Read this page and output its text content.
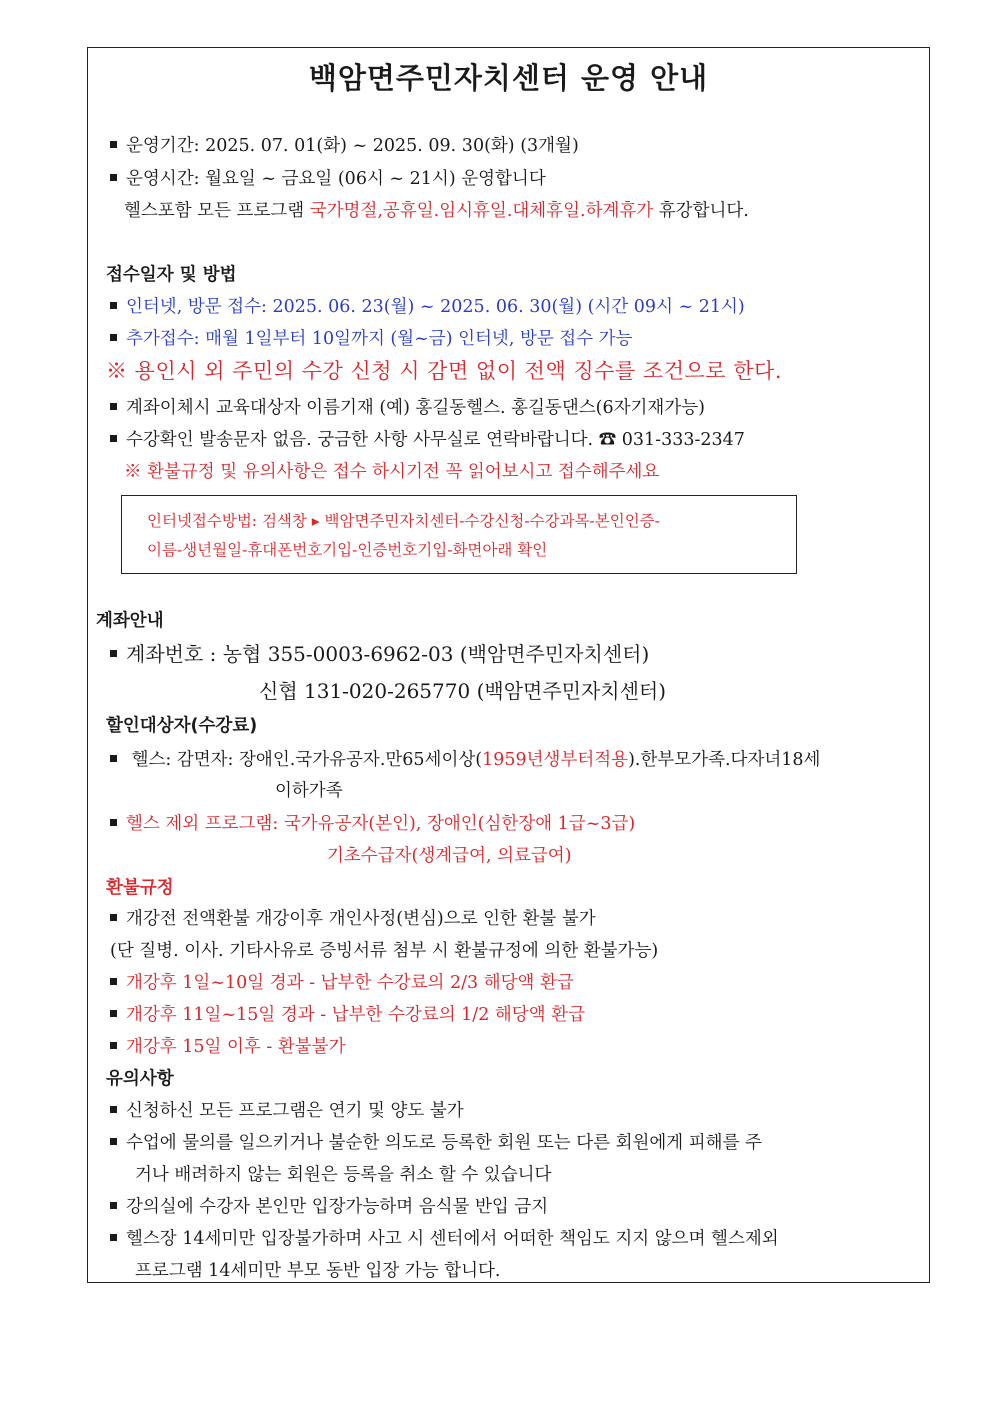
백암면주민자치센터 운영 안내
운영기간: 2025. 07. 01(화) ~ 2025. 09. 30(화) (3개월)
운영시간: 월요일 ~ 금요일 (06시 ~ 21시) 운영합니다
헬스포함 모든 프로그램 국가명절,공휴일.임시휴일.대체휴일.하계휴가 휴강합니다.
접수일자 및 방법
인터넷, 방문 접수: 2025. 06. 23(월) ~ 2025. 06. 30(월) (시간 09시 ~ 21시)
추가접수: 매월 1일부터 10일까지 (월~금) 인터넷, 방문 접수 가능
※ 용인시 외 주민의 수강 신청 시 감면 없이 전액 징수를 조건으로 한다.
계좌이체시 교육대상자 이름기재 (예) 홍길동헬스. 홍길동댄스(6자기재가능)
수강확인 발송문자 없음. 궁금한 사항 사무실로 연락바랍니다. ☎ 031-333-2347
※ 환불규정 및 유의사항은 접수 하시기전 꼭 읽어보시고 접수해주세요
인터넷접수방법: 검색창 ▸ 백암면주민자치센터-수강신청-수강과목-본인인증-
이름-생년월일-휴대폰번호기입-인증번호기입-화면아래 확인
계좌안내
계좌번호 : 농협 355-0003-6962-03 (백암면주민자치센터)
신협 131-020-265770 (백암면주민자치센터)
할인대상자(수강료)
헬스: 감면자: 장애인.국가유공자.만65세이상(1959년생부터적용).한부모가족.다자녀18세
이하가족
헬스 제외 프로그램: 국가유공자(본인), 장애인(심한장애 1급~3급)
기초수급자(생계급여, 의료급여)
환불규정
개강전 전액환불 개강이후 개인사정(변심)으로 인한 환불 불가
(단 질병. 이사. 기타사유로 증빙서류 첨부 시 환불규정에 의한 환불가능)
개강후 1일~10일 경과 - 납부한 수강료의 2/3 해당액 환급
개강후 11일~15일 경과 - 납부한 수강료의 1/2 해당액 환급
개강후 15일 이후 - 환불불가
유의사항
신청하신 모든 프로그램은 연기 및 양도 불가
수업에 물의를 일으키거나 불순한 의도로 등록한 회원 또는 다른 회원에게 피해를 주
거나 배려하지 않는 회원은 등록을 취소 할 수 있습니다
강의실에 수강자 본인만 입장가능하며 음식물 반입 금지
헬스장 14세미만 입장불가하며 사고 시 센터에서 어떠한 책임도 지지 않으며 헬스제외
프로그램 14세미만 부모 동반 입장 가능 합니다.
